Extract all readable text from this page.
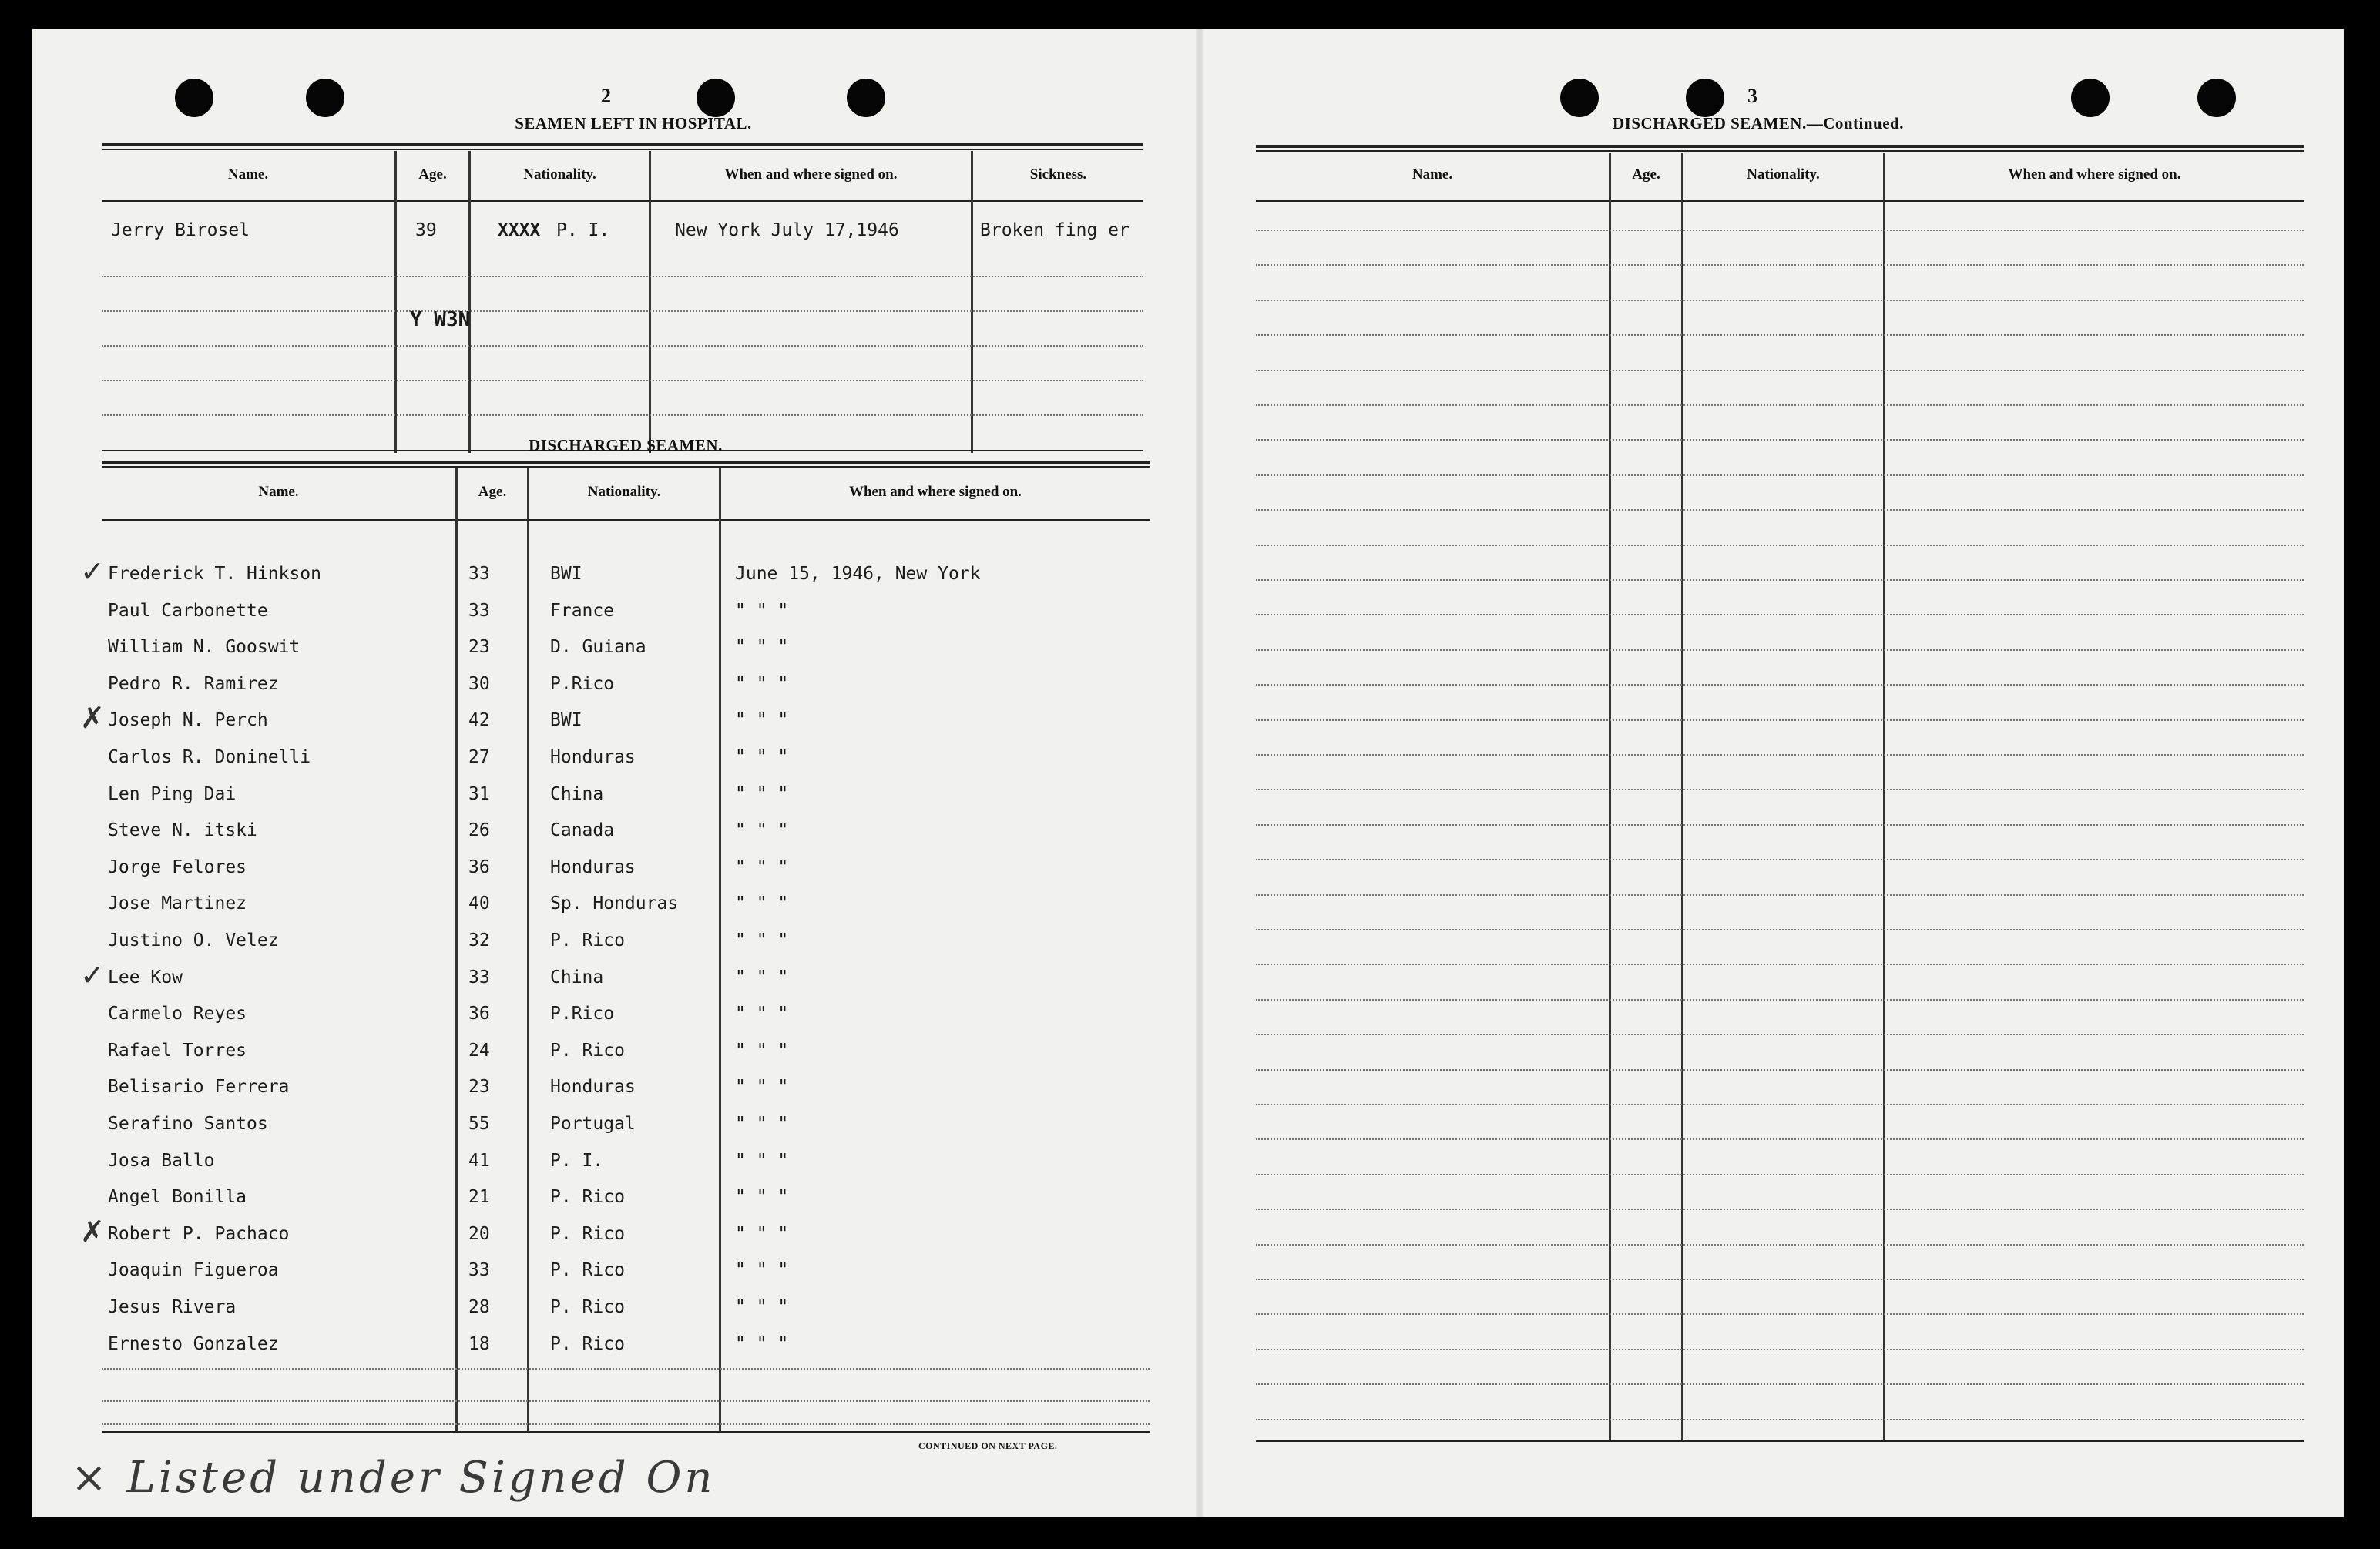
2
SEAMEN LEFT IN HOSPITAL.
Name.	Age.	Nationality.	When and where signed on.	Sickness.
Jerry Birosel	39	XXXX P. I.	New York July 17,1946	Broken fing er
Y W3N
DISCHARGED SEAMEN.
Name.	Age.	Nationality.	When and where signed on.
✓ Frederick T. Hinkson	33	BWI	June 15, 1946, New York
Paul Carbonette	33	France	" " "
William N. Gooswit	23	D. Guiana	" " "
Pedro R. Ramirez	30	P.Rico	" " "
✗ Joseph N. Perch	42	BWI	" " "
Carlos R. Doninelli	27	Honduras	" " "
Len Ping Dai	31	China	" " "
Steve N. itski	26	Canada	" " "
Jorge Felores	36	Honduras	" " "
Jose Martinez	40	Sp. Honduras	" " "
Justino O. Velez	32	P. Rico	" " "
✓ Lee Kow	33	China	" " "
Carmelo Reyes	36	P.Rico	" " "
Rafael Torres	24	P. Rico	" " "
Belisario Ferrera	23	Honduras	" " "
Serafino Santos	55	Portugal	" " "
Josa Ballo	41	P. I.	" " "
Angel Bonilla	21	P. Rico	" " "
✗ Robert P. Pachaco	20	P. Rico	" " "
Joaquin Figueroa	33	P. Rico	" " "
Jesus Rivera	28	P. Rico	" " "
Ernesto Gonzalez	18	P. Rico	" " "
CONTINUED ON NEXT PAGE.
× Listed under Signed On
3
DISCHARGED SEAMEN.—Continued.
Name.	Age.	Nationality.	When and where signed on.
